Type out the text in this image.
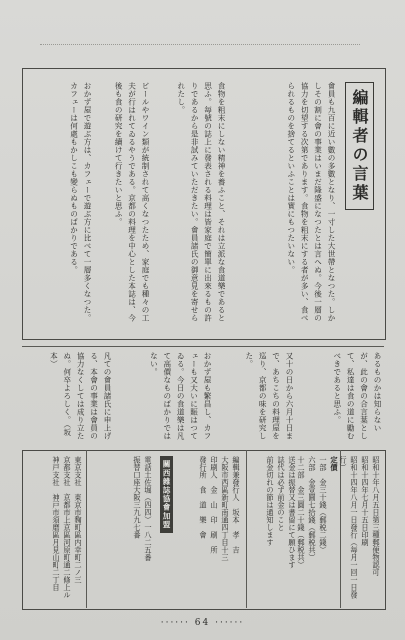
編輯者の言葉
會員も九百に近い數の多數となり、一寸した大世帶となつた。しかしその割に會の事業はいまだ隆盛になつたとは言へぬ。今後一層の協力を切望する次第であります。食物を粗末にする者が多い、食べられるものを捨てるといふことは實にもつたいない。
食物を粗末にしない精神を養ふこと、それは立派な食道樂であると思ふ。毎號の誌上に發表される料理は皆家庭で簡單に出來るもの許りであるから是非試みていただきたい。會員諸氏の御意見を寄せられたし。
ビールやワイン類が統制されて高くなつたため、家庭でも種々の工夫が行はれてゐるやうである。京都の料理を中心とした本誌は、今後も食の研究を續けて行きたいと思ふ。
おかず屋で遊ぶ方は、カフェーで遊ぶ方に比べて一層多くなつた。カフェーは何處もかしこも變らぬものばかりである。
あるものかは知らないが、此の會の合言葉として、私達は食の道に勵むべきであると思ふ。
又十の日から六月十日まで、あちこちの料理屋を巡り、京都の味を研究した。
おかず屋も繁昌し、カフェーも又大いに賑はつてゐる。今日の食道樂は凡て高價なものばかりではない。
凡ての會員諸氏に申上げる、本會の事業は會員の協力なくしては成り立たぬ。何卒よろしく。（坂本）
昭和十年八月五日第三種郵便物認可
昭和十四年七月十五日印刷
昭和十四年八月一日發行（毎月一回一日發行）
定價
一部　金三十錢（郵税二錢）
六部　金壹圓七拾錢（郵税共）
十二部　金三圓二十錢（郵税共）
送金は振替又は書留にて願ひます
誌代は必ず前金のこと
前金切れの節は通知します
編輯兼發行人　坂本　孝　吉
大阪市西區新町南通四丁目十三
印刷人　金　山　印　刷　所
發行所　食　道　樂　會
關西雜誌協會加盟
電話土佐堀（四四）一八二五番
振替口座大阪三九九七番
東京支社　東京市麴町區内幸町二ノ三
京都支社　京都市上京區河原町通二條上ル
神戸支社　神戸市須磨區月見山町二丁目
······ 64 ······
